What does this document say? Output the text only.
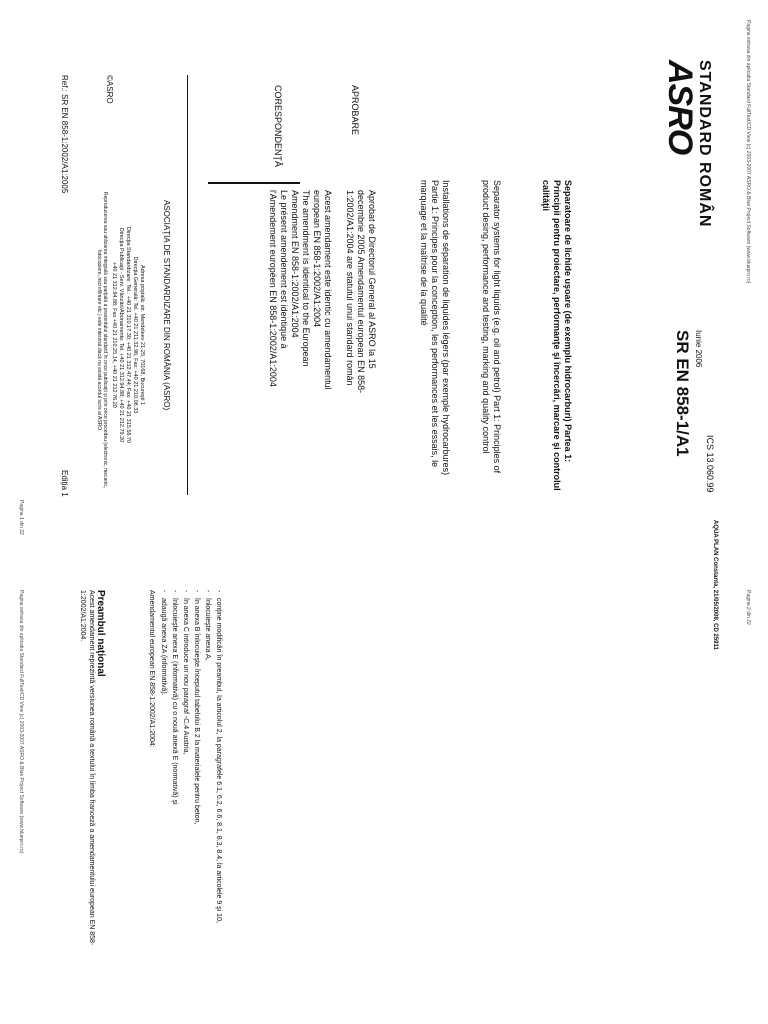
ASRO
STANDARD ROMÂN
SR EN 858-1/A1 Iunie 2006
ICS 13.060.99
Separatoare de lichide uşoare (de exemplu hidrocarburi) Partea 1: Principii pentru proiectare, performanţe şi încercări, marcare şi controlul calităţii
Separator systems for light liquids (e.g. oil and petrol) Part 1: Principles of product desing, performance and testing, marking and quality control
Installations de séparation de liquides légers (par exemple hydrocarbures) Partie 1: Principes pour la conception, les performances et les essais, le marquage et la maîtrise de la qualité
APROBARE
Aprobat de Directorul General al ASRO la 15 decembrie 2005 Amendamentul european EN 858-1:2002/A1:2004 are statutul unui standard român
CORESPONDENŢĂ
Acest amendament este identic cu amendamentul european EN 858-1:2002/A1:2004
The amendment is identical to the European Amendment EN 858-1:2002/A1:2004
Le présent amendement est identique à l'Amendement européen EN 858-1:2002/A1:2004
ASOCIAŢIA DE STANDARDIZARE DIN ROMÂNIA (ASRO)
Adresa poştală: str. Mendeleev 21-25, 70168, Bucureşti 1
Direcţia Generală: Tel. +40 21 211.32.96; Fax: +40 21 210.08.33
Direcţia Standardizare: Tel.: +40 21 310.17.30; +40 21 312.47.44; Fax: +40 21 315.58.70
Direcţia Publicaţii - Serv. Vânzări/Abonamente: Tel. +40 21 312.94.88; +40 21 212.79.20
+40 21 312.94.88; Fax +40 21 210.25.14, +40 21 212.76.20
©ASRO
Reproducerea sau utilizarea integrală sau parţială a prezentului standard în orice publicaţii şi prin orice procedeu (electronic, mecanic, fotocopiere, microfilmare etc.) este interzisă dacă nu există acordul scris al ASRO
Ref.: SR EN 858-1:2002/A1:2005
Ediţia 1
Pagina extrasa din aplicatia Standard FullText/CD View (c) 2003-2007 ASRO & Blue Project Software (www.bluepro.ro)
Pagina 1 din 22
AQUA PLAN Constanta, 21/05/2008, CD 25911
Preambul naţional
Acest amendament reprezintă versiunea română a textului în limba franceză a amendamentului european EN 858-1:2002/A1:2004.	Amendamentul european EN 858-1:2002/A1:2004:
-	conţine modificări în preambul, la articolul 2, la paragrafele 6.1, 6.2, 6.6, 8.1, 8.3, 8.4, la articolele 9 şi 10,
- înlocuieşte anexa A,
- în anexa B înlocuieşte începutul tabelului B.2 la materialele pentru beton,
- în anexa C introduce un nou paragraf -C.4 Austria,
- înlocuieşte anexa E (informativă) cu o nouă anexă E (normativă) şi
- adaugă anexa ZA (informativă).	Pagina 2 din 22
Pagina extrasa din aplicatia Standard FullText/CD View (c) 2003-2007 ASRO & Blue Project Software (www.bluepro.ro)
